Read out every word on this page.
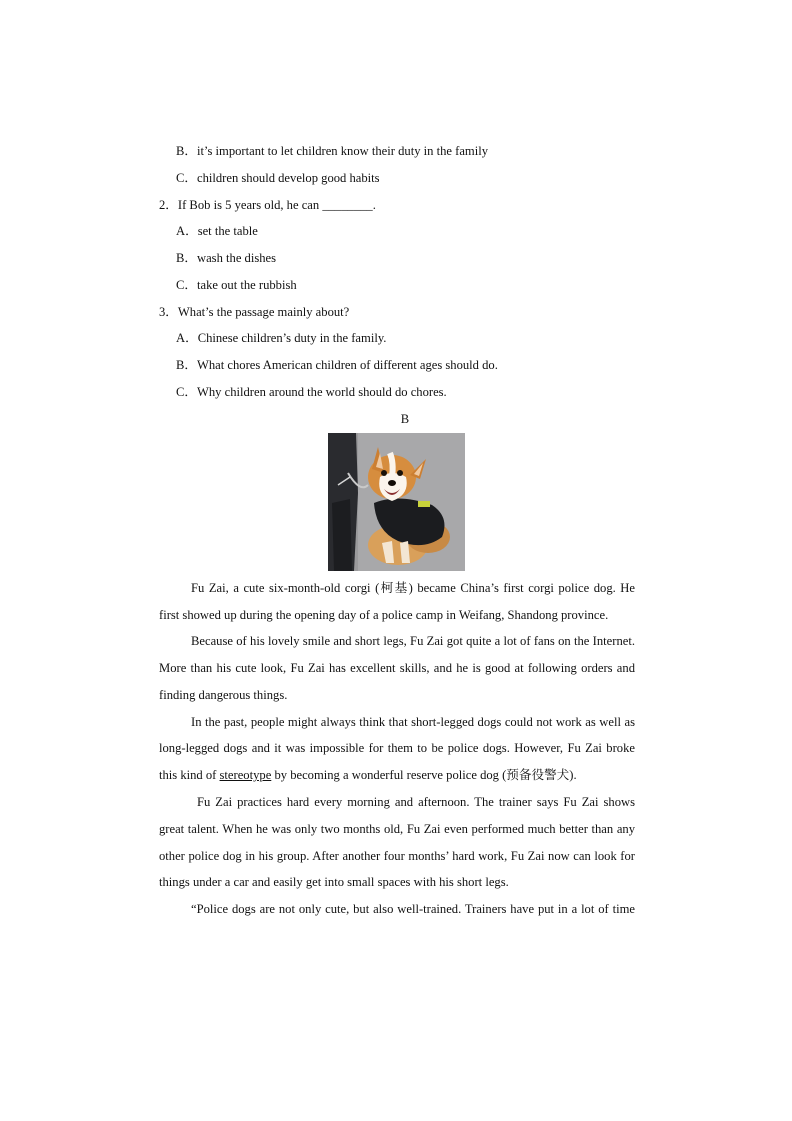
B．it’s important to let children know their duty in the family
C．children should develop good habits
2．If Bob is 5 years old, he can ________.
A．set the table
B．wash the dishes
C．take out the rubbish
3．What’s the passage mainly about?
A．Chinese children’s duty in the family.
B．What chores American children of different ages should do.
C．Why children around the world should do chores.
B
Fu Zai, a cute six-month-old corgi (柯基) became China’s first corgi police dog. He
first showed up during the opening day of a police camp in Weifang, Shandong province.
Because of his lovely smile and short legs, Fu Zai got quite a lot of fans on the Internet.
More than his cute look, Fu Zai has excellent skills, and he is good at following orders and
finding dangerous things.
In the past, people might always think that short-legged dogs could not work as well as
long-legged dogs and it was impossible for them to be police dogs. However, Fu Zai broke
this kind of stereotype by becoming a wonderful reserve police dog (预备役警犬).
Fu Zai practices hard every morning and afternoon. The trainer says Fu Zai shows
great talent. When he was only two months old, Fu Zai even performed much better than any
other police dog in his group. After another four months’ hard work, Fu Zai now can look for
things under a car and easily get into small spaces with his short legs.
“Police dogs are not only cute, but also well-trained. Trainers have put in a lot of time
